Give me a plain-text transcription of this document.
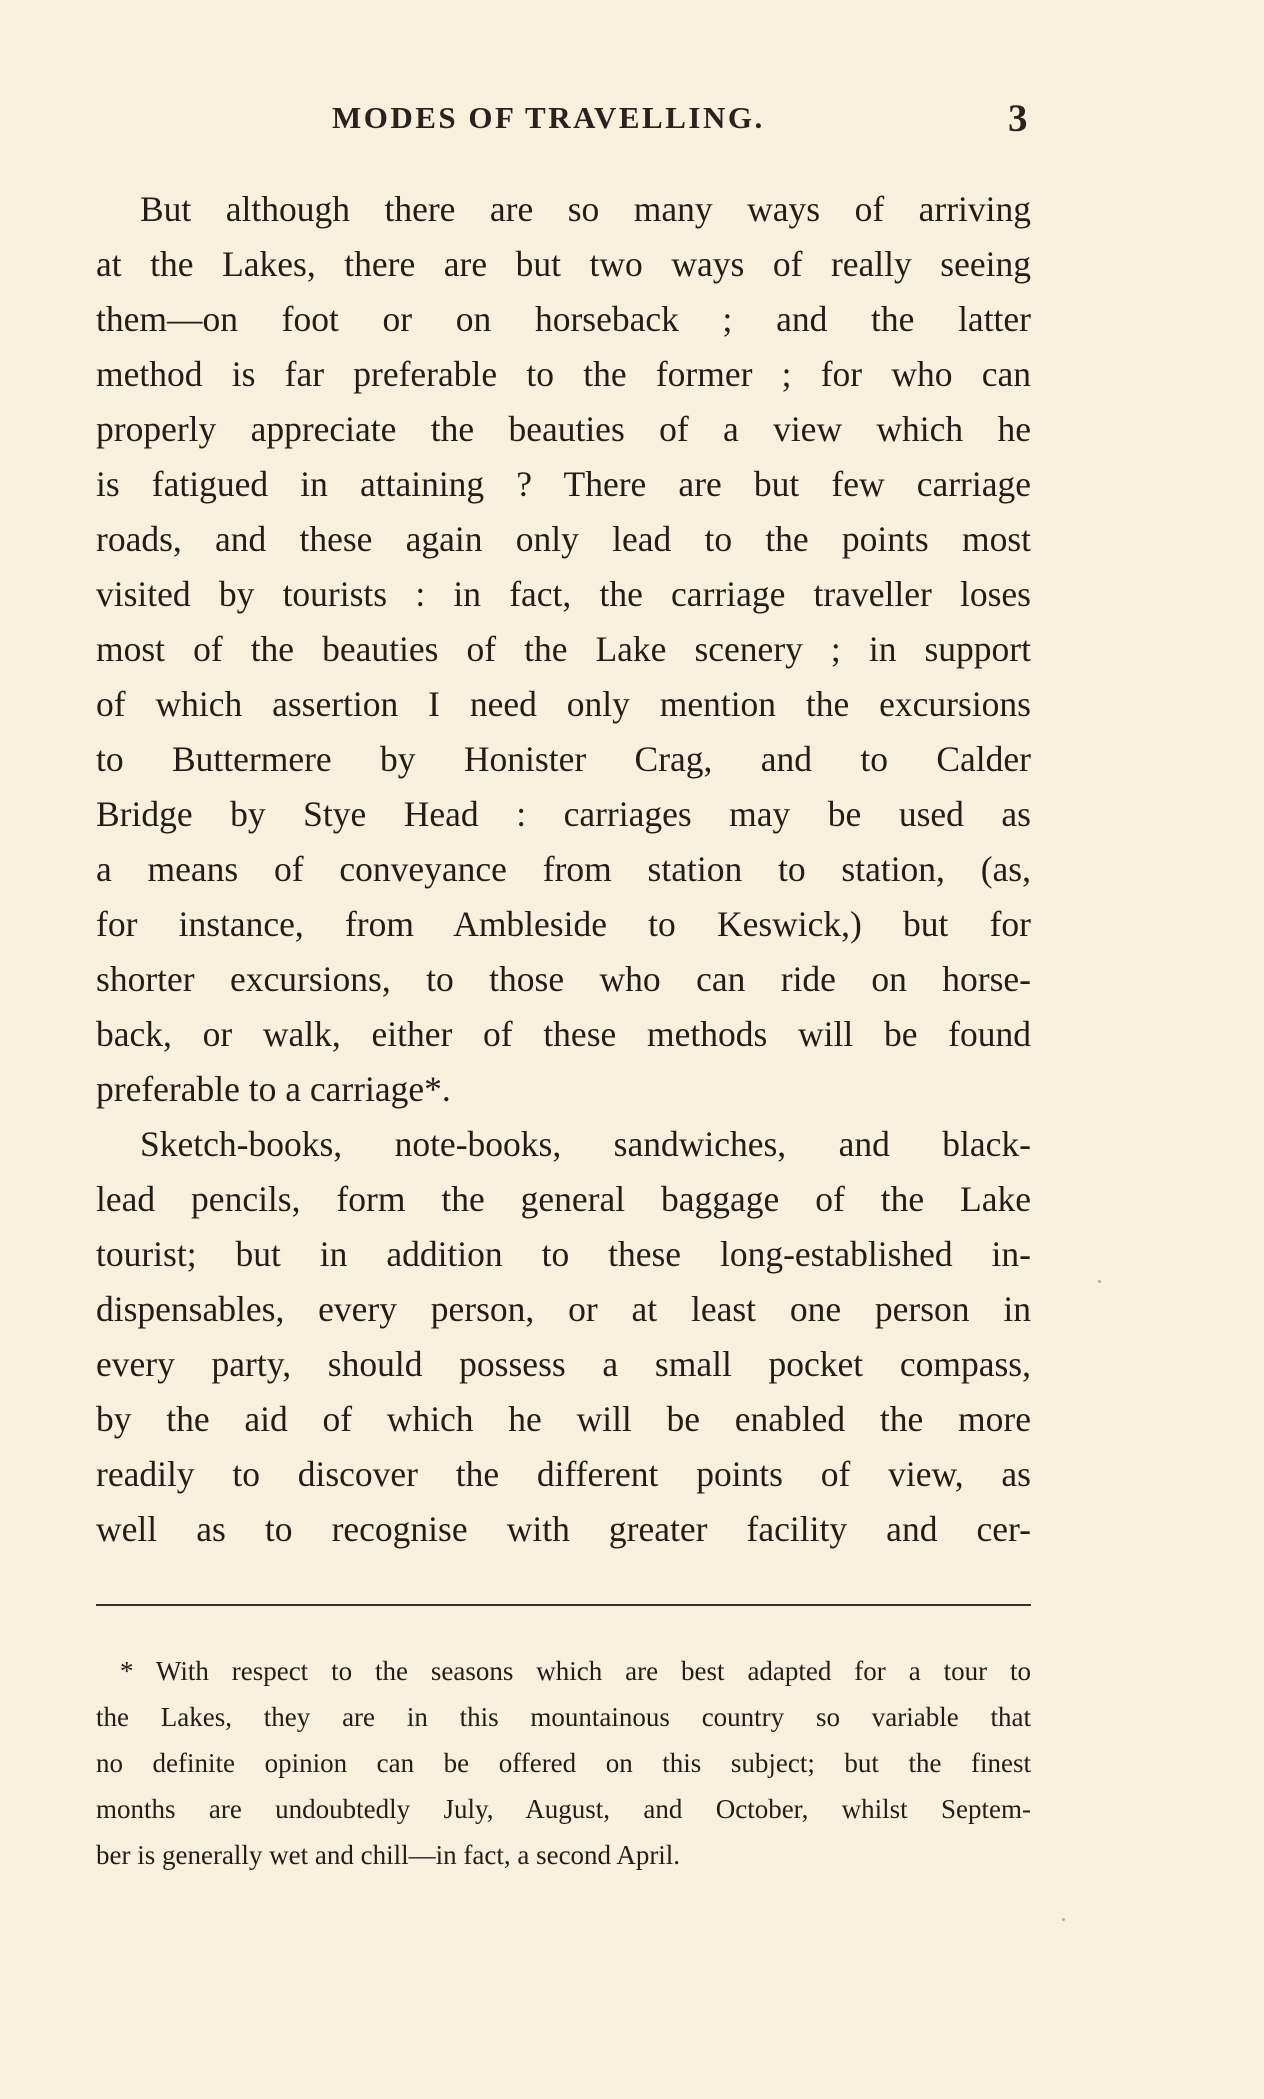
MODES OF TRAVELLING.	3
But although there are so many ways of arriving
at the Lakes, there are but two ways of really seeing
them—on foot or on horseback ; and the latter
method is far preferable to the former ; for who can
properly appreciate the beauties of a view which he
is fatigued in attaining ? There are but few carriage
roads, and these again only lead to the points most
visited by tourists : in fact, the carriage traveller loses
most of the beauties of the Lake scenery ; in support
of which assertion I need only mention the excursions
to Buttermere by Honister Crag, and to Calder
Bridge by Stye Head : carriages may be used as
a means of conveyance from station to station, (as,
for instance, from Ambleside to Keswick,) but for
shorter excursions, to those who can ride on horse-
back, or walk, either of these methods will be found
preferable to a carriage*.
Sketch-books, note-books, sandwiches, and black-
lead pencils, form the general baggage of the Lake
tourist; but in addition to these long-established in-
dispensables, every person, or at least one person in
every party, should possess a small pocket compass,
by the aid of which he will be enabled the more
readily to discover the different points of view, as
well as to recognise with greater facility and cer-
* With respect to the seasons which are best adapted for a tour to
the Lakes, they are in this mountainous country so variable that
no definite opinion can be offered on this subject; but the finest
months are undoubtedly July, August, and October, whilst Septem-
ber is generally wet and chill—in fact, a second April.
